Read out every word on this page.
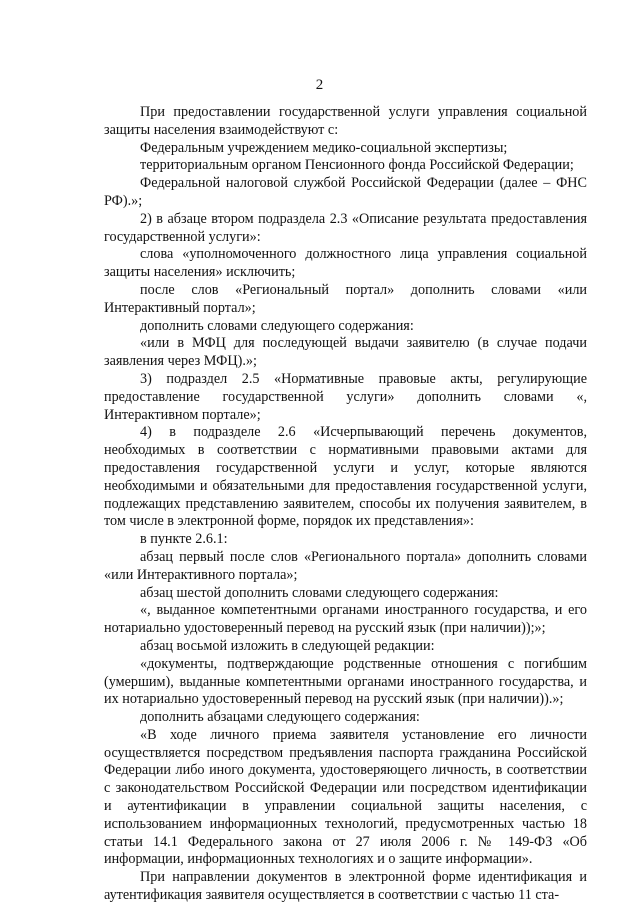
2

При предоставлении государственной услуги управления социальной защиты населения взаимодействуют с:

Федеральным учреждением медико-социальной экспертизы;

территориальным органом Пенсионного фонда Российской Федерации;

Федеральной налоговой службой Российской Федерации (далее – ФНС РФ).»;

2) в абзаце втором подраздела 2.3 «Описание результата предоставления государственной услуги»:

слова «уполномоченного должностного лица управления социальной защиты населения» исключить;

после слов «Региональный портал» дополнить словами «или Интерактивный портал»;

дополнить словами следующего содержания:

«или в МФЦ для последующей выдачи заявителю (в случае подачи заявления через МФЦ).»;

3) подраздел 2.5 «Нормативные правовые акты, регулирующие предоставление государственной услуги» дополнить словами «, Интерактивном портале»;

4) в подразделе 2.6 «Исчерпывающий перечень документов, необходимых в соответствии с нормативными правовыми актами для предоставления государственной услуги и услуг, которые являются необходимыми и обязательными для предоставления государственной услуги, подлежащих представлению заявителем, способы их получения заявителем, в том числе в электронной форме, порядок их представления»:

в пункте 2.6.1:

абзац первый после слов «Регионального портала» дополнить словами «или Интерактивного портала»;

абзац шестой дополнить словами следующего содержания:

«, выданное компетентными органами иностранного государства, и его нотариально удостоверенный перевод на русский язык (при наличии));»;

абзац восьмой изложить в следующей редакции:

«документы, подтверждающие родственные отношения с погибшим (умершим), выданные компетентными органами иностранного государства, и их нотариально удостоверенный перевод на русский язык (при наличии)).»;

дополнить абзацами следующего содержания:

«В ходе личного приема заявителя установление его личности осуществляется посредством предъявления паспорта гражданина Российской Федерации либо иного документа, удостоверяющего личность, в соответствии с законодательством Российской Федерации или посредством идентификации и аутентификации в управлении социальной защиты населения, с использованием информационных технологий, предусмотренных частью 18 статьи 14.1 Федерального закона от 27 июля 2006 г. № 149-ФЗ «Об информации, информационных технологиях и о защите информации».

При направлении документов в электронной форме идентификация и аутентификация заявителя осуществляется в соответствии с частью 11 ста-
